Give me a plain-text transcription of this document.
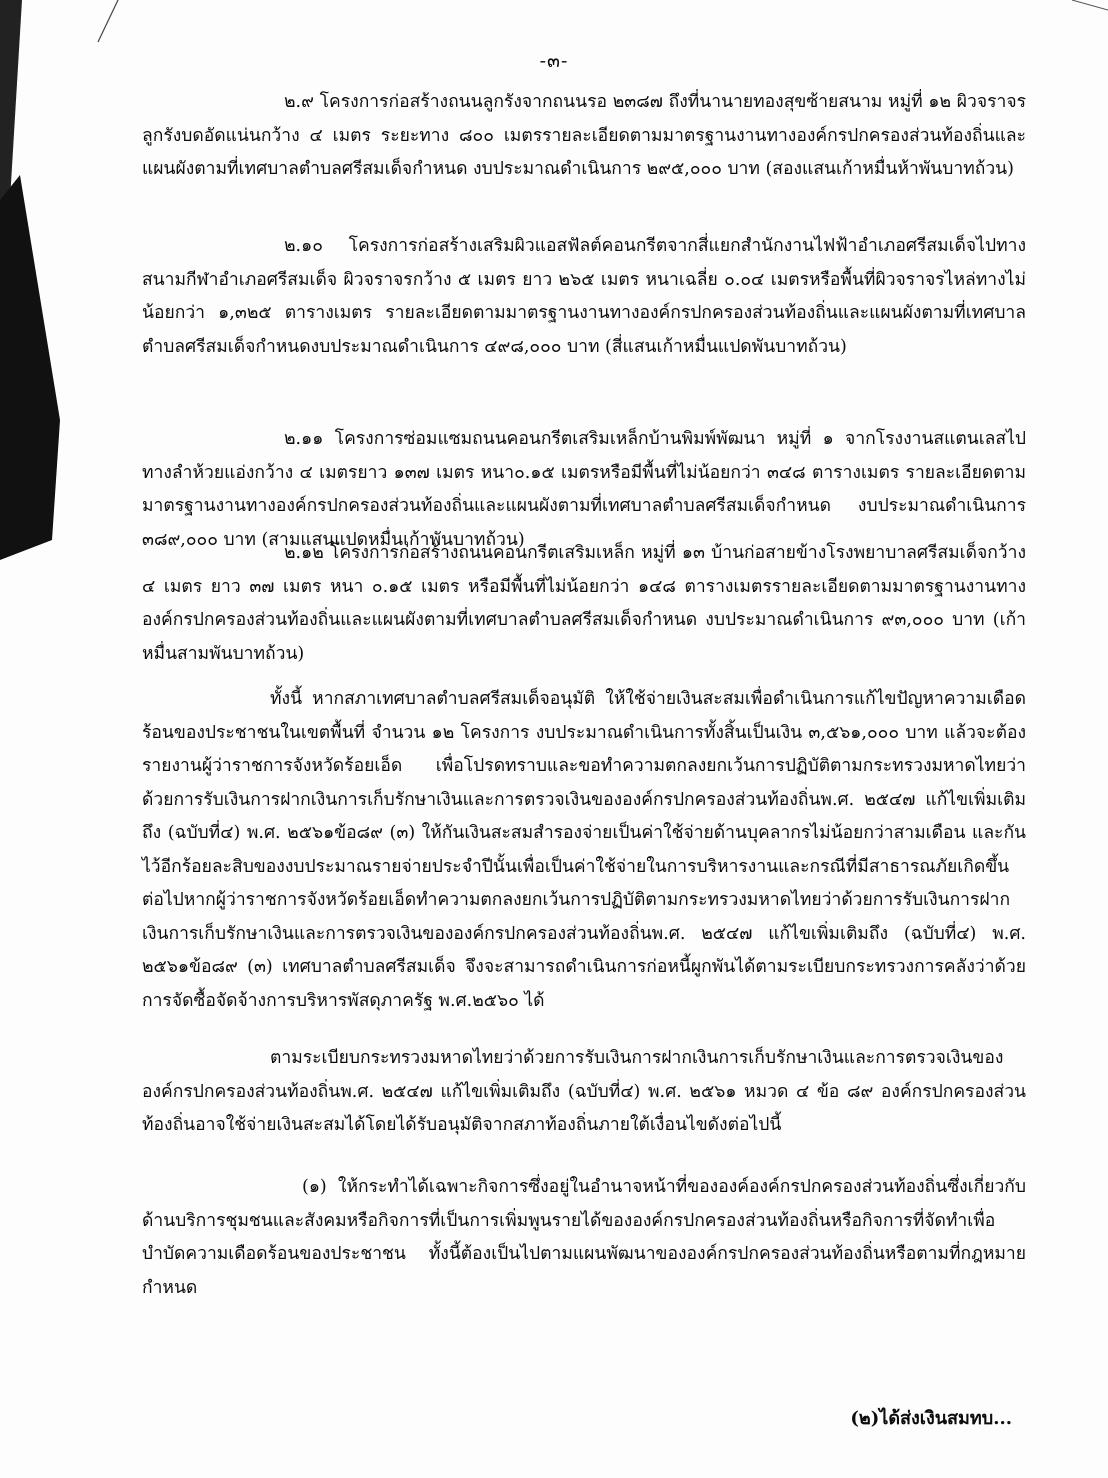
-๓-

๒.๙ โครงการก่อสร้างถนนลูกรังจากถนนรอ ๒๓๘๗ ถึงที่นานายทองสุขซ้ายสนาม หมู่ที่ ๑๒ ผิวจราจรลูกรังบดอัดแน่นกว้าง ๔ เมตร ระยะทาง ๘๐๐ เมตรรายละเอียดตามมาตรฐานงานทางองค์กรปกครองส่วนท้องถิ่นและแผนผังตามที่เทศบาลตำบลศรีสมเด็จกำหนด งบประมาณดำเนินการ ๒๙๕,๐๐๐ บาท (สองแสนเก้าหมื่นห้าพันบาทถ้วน)

๒.๑๐ โครงการก่อสร้างเสริมผิวแอสฟัลต์คอนกรีตจากสี่แยกสำนักงานไฟฟ้าอำเภอศรีสมเด็จไปทางสนามกีฬาอำเภอศรีสมเด็จ ผิวจราจรกว้าง ๕ เมตร ยาว ๒๖๕ เมตร หนาเฉลี่ย ๐.๐๔ เมตรหรือพื้นที่ผิวจราจรไหล่ทางไม่น้อยกว่า ๑,๓๒๕ ตารางเมตร รายละเอียดตามมาตรฐานงานทางองค์กรปกครองส่วนท้องถิ่นและแผนผังตามที่เทศบาลตำบลศรีสมเด็จกำหนดงบประมาณดำเนินการ ๔๙๘,๐๐๐ บาท (สี่แสนเก้าหมื่นแปดพันบาทถ้วน)

๒.๑๑ โครงการซ่อมแซมถนนคอนกรีตเสริมเหล็กบ้านพิมพ์พัฒนา หมู่ที่ ๑ จากโรงงานสแตนเลสไปทางลำห้วยแอ่งกว้าง ๔ เมตรยาว ๑๓๗ เมตร หนา๐.๑๕ เมตรหรือมีพื้นที่ไม่น้อยกว่า ๓๔๘ ตารางเมตร รายละเอียดตามมาตรฐานงานทางองค์กรปกครองส่วนท้องถิ่นและแผนผังตามที่เทศบาลตำบลศรีสมเด็จกำหนด งบประมาณดำเนินการ ๓๘๙,๐๐๐ บาท (สามแสนแปดหมื่นเก้าพันบาทถ้วน)

๒.๑๒ โครงการก่อสร้างถนนคอนกรีตเสริมเหล็ก หมู่ที่ ๑๓ บ้านก่อสายข้างโรงพยาบาลศรีสมเด็จกว้าง ๔ เมตร ยาว ๓๗ เมตร หนา ๐.๑๕ เมตร หรือมีพื้นที่ไม่น้อยกว่า ๑๔๘ ตารางเมตรรายละเอียดตามมาตรฐานงานทางองค์กรปกครองส่วนท้องถิ่นและแผนผังตามที่เทศบาลตำบลศรีสมเด็จกำหนด งบประมาณดำเนินการ ๙๓,๐๐๐ บาท (เก้าหมื่นสามพันบาทถ้วน)

ทั้งนี้ หากสภาเทศบาลตำบลศรีสมเด็จอนุมัติ ให้ใช้จ่ายเงินสะสมเพื่อดำเนินการแก้ไขปัญหาความเดือดร้อนของประชาชนในเขตพื้นที่ จำนวน ๑๒ โครงการ งบประมาณดำเนินการทั้งสิ้นเป็นเงิน ๓,๕๖๑,๐๐๐ บาท แล้วจะต้องรายงานผู้ว่าราชการจังหวัดร้อยเอ็ด เพื่อโปรดทราบและขอทำความตกลงยกเว้นการปฏิบัติตามกระทรวงมหาดไทยว่าด้วยการรับเงินการฝากเงินการเก็บรักษาเงินและการตรวจเงินขององค์กรปกครองส่วนท้องถิ่นพ.ศ. ๒๕๔๗ แก้ไขเพิ่มเติมถึง (ฉบับที่๔) พ.ศ. ๒๕๖๑ข้อ๘๙ (๓) ให้กันเงินสะสมสำรองจ่ายเป็นค่าใช้จ่ายด้านบุคลากรไม่น้อยกว่าสามเดือน และกันไว้อีกร้อยละสิบของงบประมาณรายจ่ายประจำปีนั้นเพื่อเป็นค่าใช้จ่ายในการบริหารงานและกรณีที่มีสาธารณภัยเกิดขึ้นต่อไปหากผู้ว่าราชการจังหวัดร้อยเอ็ดทำความตกลงยกเว้นการปฏิบัติตามกระทรวงมหาดไทยว่าด้วยการรับเงินการฝากเงินการเก็บรักษาเงินและการตรวจเงินขององค์กรปกครองส่วนท้องถิ่นพ.ศ. ๒๕๔๗ แก้ไขเพิ่มเติมถึง (ฉบับที่๔) พ.ศ. ๒๕๖๑ข้อ๘๙ (๓) เทศบาลตำบลศรีสมเด็จ จึงจะสามารถดำเนินการก่อหนี้ผูกพันได้ตามระเบียบกระทรวงการคลังว่าด้วยการจัดซื้อจัดจ้างการบริหารพัสดุภาครัฐ พ.ศ.๒๕๖๐ ได้

ตามระเบียบกระทรวงมหาดไทยว่าด้วยการรับเงินการฝากเงินการเก็บรักษาเงินและการตรวจเงินขององค์กรปกครองส่วนท้องถิ่นพ.ศ. ๒๕๔๗ แก้ไขเพิ่มเติมถึง (ฉบับที่๔) พ.ศ. ๒๕๖๑ หมวด ๔ ข้อ ๘๙ องค์กรปกครองส่วนท้องถิ่นอาจใช้จ่ายเงินสะสมได้โดยได้รับอนุมัติจากสภาท้องถิ่นภายใต้เงื่อนไขดังต่อไปนี้

(๑) ให้กระทำได้เฉพาะกิจการซึ่งอยู่ในอำนาจหน้าที่ขององค์องค์กรปกครองส่วนท้องถิ่นซึ่งเกี่ยวกับด้านบริการชุมชนและสังคมหรือกิจการที่เป็นการเพิ่มพูนรายได้ขององค์กรปกครองส่วนท้องถิ่นหรือกิจการที่จัดทำเพื่อบำบัดความเดือดร้อนของประชาชน ทั้งนี้ต้องเป็นไปตามแผนพัฒนาขององค์กรปกครองส่วนท้องถิ่นหรือตามที่กฎหมายกำหนด

(๒)ได้ส่งเงินสมทบ...
